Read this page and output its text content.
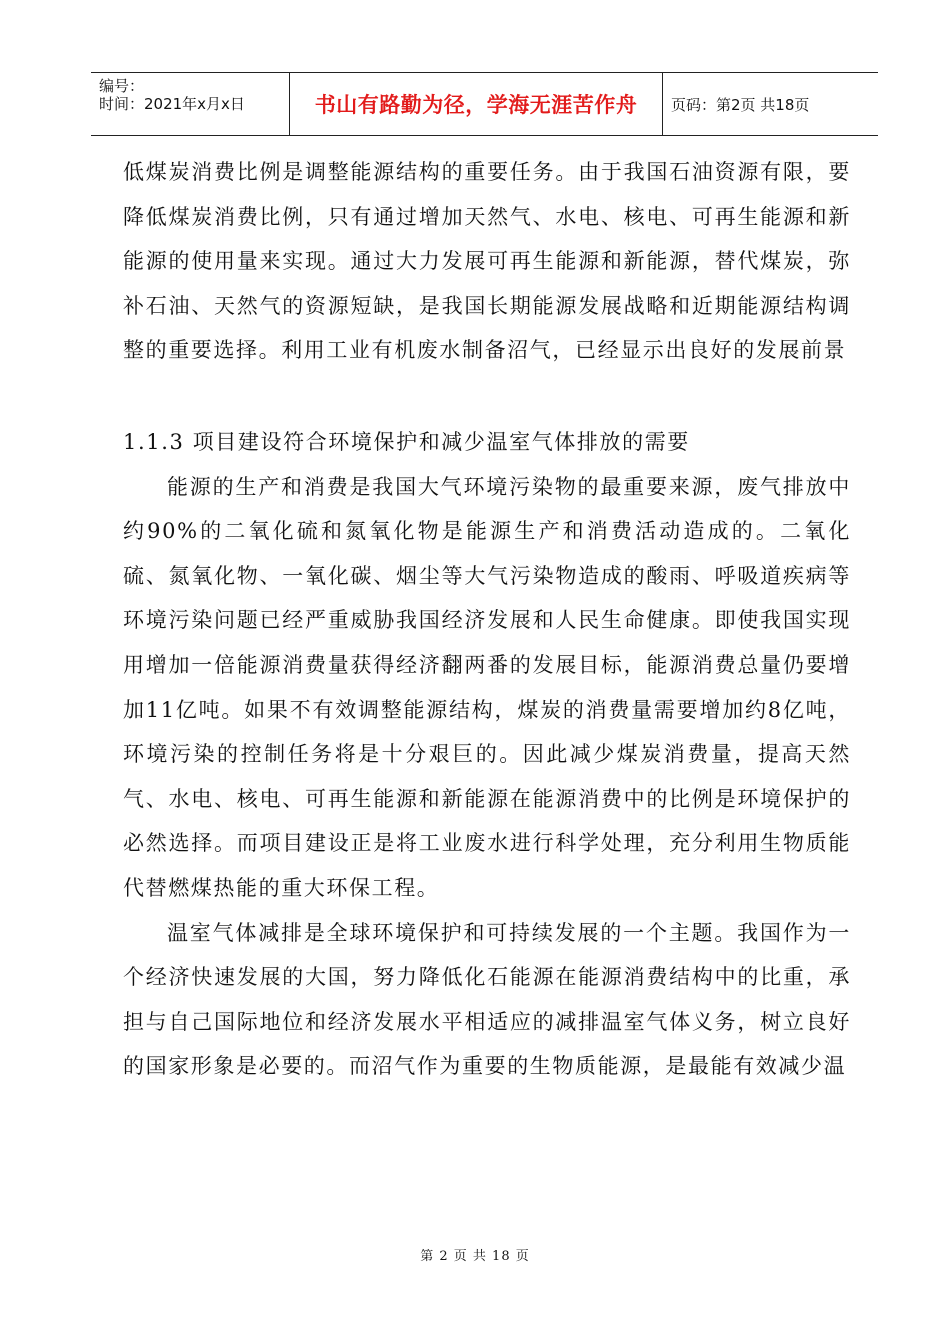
编号：
时间：2021年x月x日	书山有路勤为径，学海无涯苦作舟 页码：第2页 共18页

低煤炭消费比例是调整能源结构的重要任务。由于我国石油资源有限，要降低煤炭消费比例，只有通过增加天然气、水电、核电、可再生能源和新能源的使用量来实现。通过大力发展可再生能源和新能源，替代煤炭，弥补石油、天然气的资源短缺，是我国长期能源发展战略和近期能源结构调整的重要选择。利用工业有机废水制备沼气，已经显示出良好的发展前景

1.1.3 项目建设符合环境保护和减少温室气体排放的需要

能源的生产和消费是我国大气环境污染物的最重要来源，废气排放中约90%的二氧化硫和氮氧化物是能源生产和消费活动造成的。二氧化硫、氮氧化物、一氧化碳、烟尘等大气污染物造成的酸雨、呼吸道疾病等环境污染问题已经严重威胁我国经济发展和人民生命健康。即使我国实现用增加一倍能源消费量获得经济翻两番的发展目标，能源消费总量仍要增加11亿吨。如果不有效调整能源结构，煤炭的消费量需要增加约8亿吨，环境污染的控制任务将是十分艰巨的。因此减少煤炭消费量，提高天然气、水电、核电、可再生能源和新能源在能源消费中的比例是环境保护的必然选择。而项目建设正是将工业废水进行科学处理，充分利用生物质能代替燃煤热能的重大环保工程。

温室气体减排是全球环境保护和可持续发展的一个主题。我国作为一个经济快速发展的大国，努力降低化石能源在能源消费结构中的比重，承担与自己国际地位和经济发展水平相适应的减排温室气体义务，树立良好的国家形象是必要的。而沼气作为重要的生物质能源，是最能有效减少温

第 2 页 共 18 页
